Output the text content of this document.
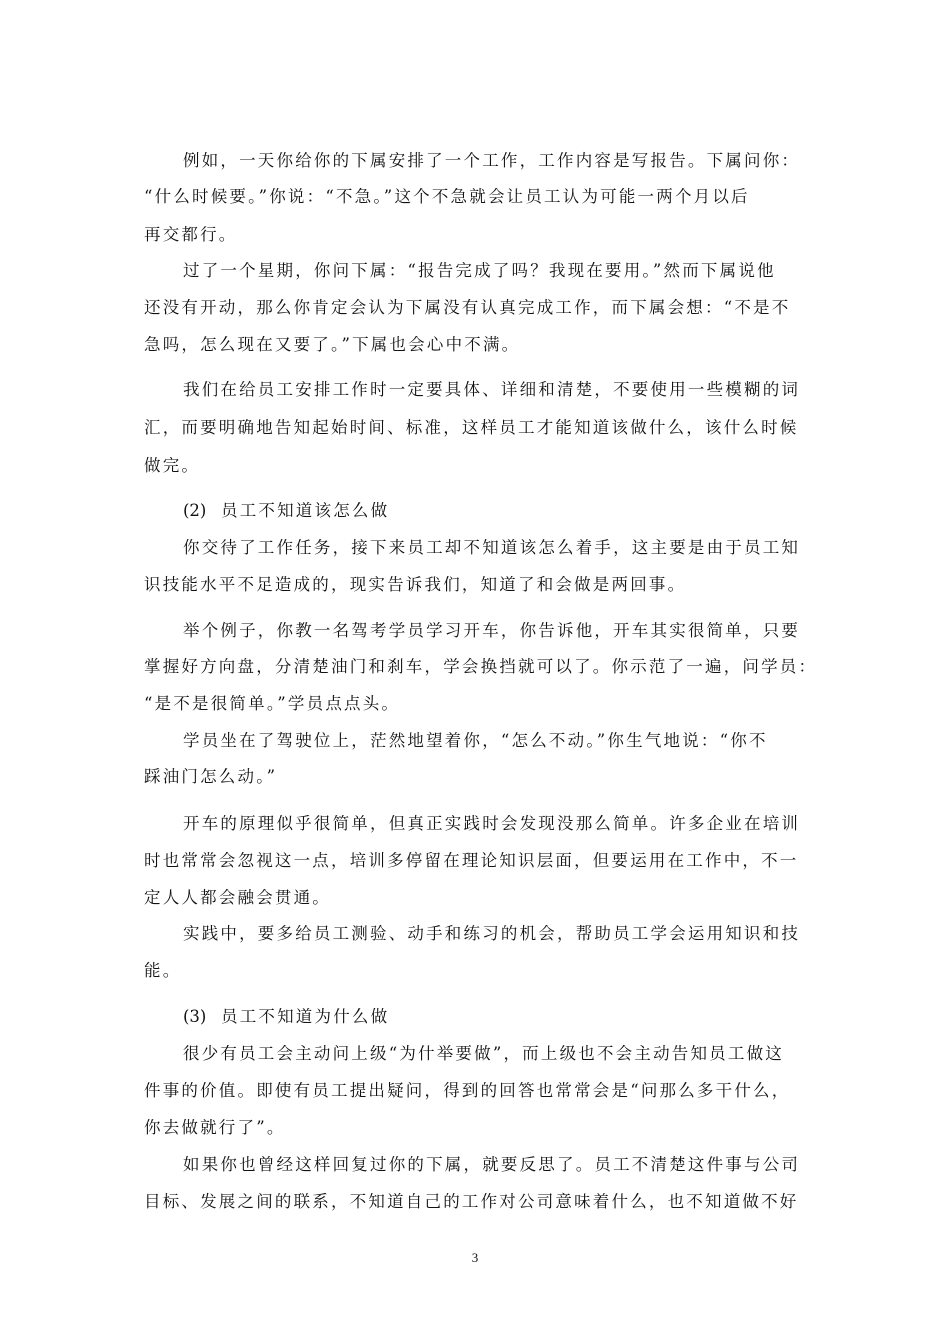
例如，一天你给你的下属安排了一个工作，工作内容是写报告。下属问你：

“什么时候要。”你说：“不急。”这个不急就会让员工认为可能一两个月以后

再交都行。

过了一个星期，你问下属：“报告完成了吗？我现在要用。”然而下属说他

还没有开动，那么你肯定会认为下属没有认真完成工作，而下属会想：“不是不

急吗，怎么现在又要了。”下属也会心中不满。

我们在给员工安排工作时一定要具体、详细和清楚，不要使用一些模糊的词

汇，而要明确地告知起始时间、标准，这样员工才能知道该做什么，该什么时候

做完。

(2) 员工不知道该怎么做

你交待了工作任务，接下来员工却不知道该怎么着手，这主要是由于员工知

识技能水平不足造成的，现实告诉我们，知道了和会做是两回事。

举个例子，你教一名驾考学员学习开车，你告诉他，开车其实很简单，只要

掌握好方向盘，分清楚油门和刹车，学会换挡就可以了。你示范了一遍，问学员：

“是不是很简单。”学员点点头。

学员坐在了驾驶位上，茫然地望着你，“怎么不动。”你生气地说：“你不

踩油门怎么动。”

开车的原理似乎很简单，但真正实践时会发现没那么简单。许多企业在培训

时也常常会忽视这一点，培训多停留在理论知识层面，但要运用在工作中，不一

定人人都会融会贯通。

实践中，要多给员工测验、动手和练习的机会，帮助员工学会运用知识和技

能。

(3) 员工不知道为什么做

很少有员工会主动问上级“为什举要做”，而上级也不会主动告知员工做这

件事的价值。即使有员工提出疑问，得到的回答也常常会是“问那么多干什么，

你去做就行了”。

如果你也曾经这样回复过你的下属，就要反思了。员工不清楚这件事与公司

目标、发展之间的联系，不知道自己的工作对公司意味着什么，也不知道做不好

3
